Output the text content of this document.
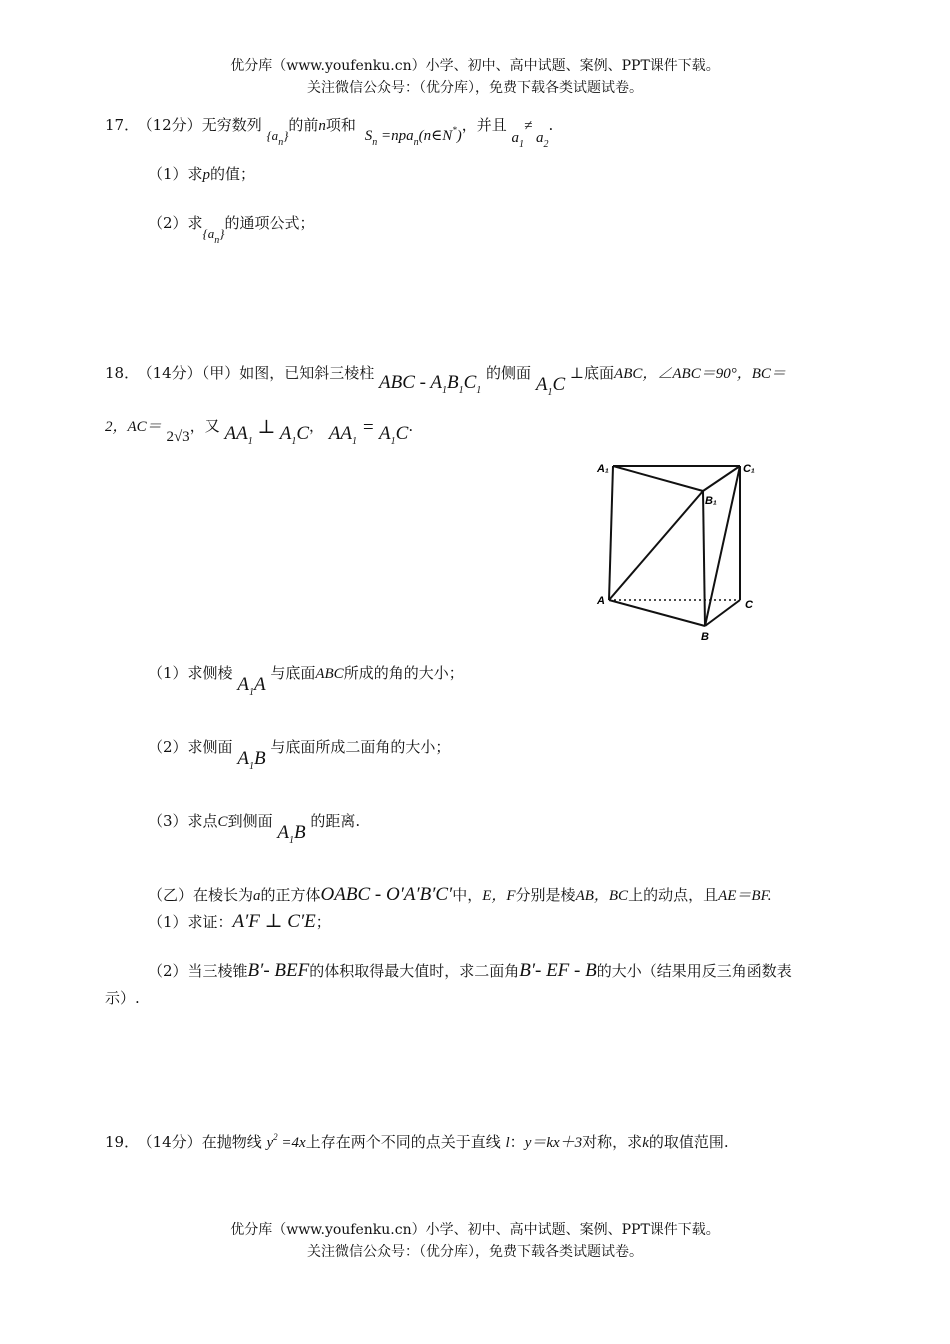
优分库（www.youfenku.cn）小学、初中、高中试题、案例、PPT课件下载。
关注微信公众号：（优分库），免费下载各类试题试卷。
17． （12分）无穷数列 $\{a_n\}$的前n项和 $S_n$ =npa$_n$(n∈N*)，并且 $a_1\ne a_2$.
（1）求p的值；
（2）求$\{a_n\}$的通项公式；
18． （14分）（甲）如图，已知斜三棱柱 ABC - $A_1B_1C_1$ 的侧面 $A_1C$ ⊥底面ABC，∠ABC＝90°，BC＝
2，AC＝ 2√3，又 $AA_1$ ⊥ $A_1C$， $AA_1 = A_1C$.
A₁	C₁
B₁
A	C
B
（1）求侧棱 $A_1A$ 与底面ABC所成的角的大小；
（2）求侧面 $A_1B$ 与底面所成二面角的大小；
（3）求点C到侧面 $A_1B$ 的距离.
（乙）在棱长为a的正方体OABC - O′A′B′C′中，E，F分别是棱AB，BC上的动点，且AE＝BF.
（1）求证：A′F ⊥ C′E；
（2）当三棱锥B′- BEF的体积取得最大值时，求二面角B′- EF - B的大小（结果用反三角函数表
示）.
19． （14分）在抛物线 $y^2 =4x$上存在两个不同的点关于直线 l：y＝kx＋3对称，求k的取值范围.
优分库（www.youfenku.cn）小学、初中、高中试题、案例、PPT课件下载。
关注微信公众号：（优分库），免费下载各类试题试卷。
